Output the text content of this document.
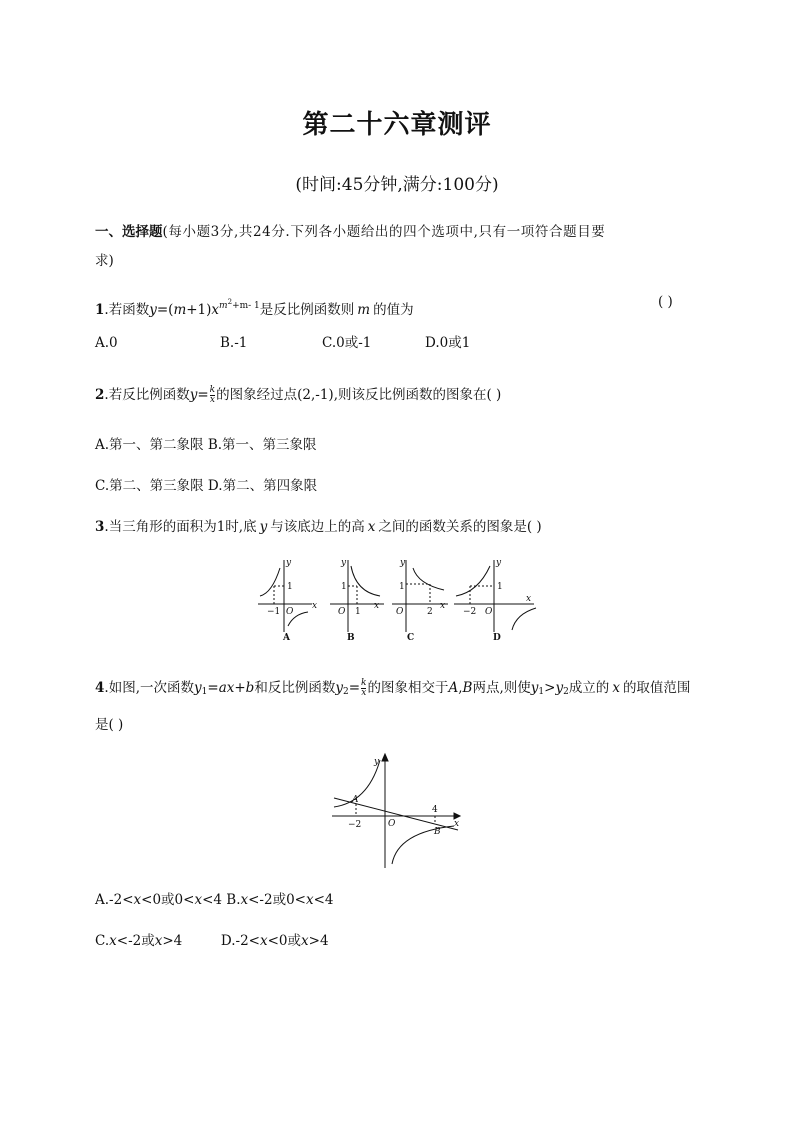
第二十六章测评
(时间:45分钟,满分:100分)
一、选择题(每小题3分,共24分.下列各小题给出的四个选项中,只有一项符合题目要
求)
1.若函数$y=(m+1)x^{m^2+m- 1}$是反比例函数则 m 的值为	( )
A.0	B.-1	C.0或-1	D.0或1
2.若反比例函数$y= \frac{k}{x}$ 的图象经过点(2,-1),则该反比例函数的图象在( )
A.第一、第二象限 B.第一、第三象限
C.第二、第三象限 D.第二、第四象限
3.当三角形的面积为1时,底 y 与该底边上的高 x 之间的函数关系的图象是( )
y
x
1
−1 O
A
y
x
1
1
O
B
y
x
1
2
O
C
y
x
1
−2 O
D
4.如图,一次函数$y_1=ax+b$和反比例函数$y_2= \frac{k}{x}$ 的图象相交于A,B两点,则使$y_1>y_2$成立的 x 的取值范围
是( )
y
x
O
A
B
−2
4
A.-2<x<0或0<x<4 B.x<-2或0<x<4
C.x<-2或x>4         D.-2<x<0或x>4
